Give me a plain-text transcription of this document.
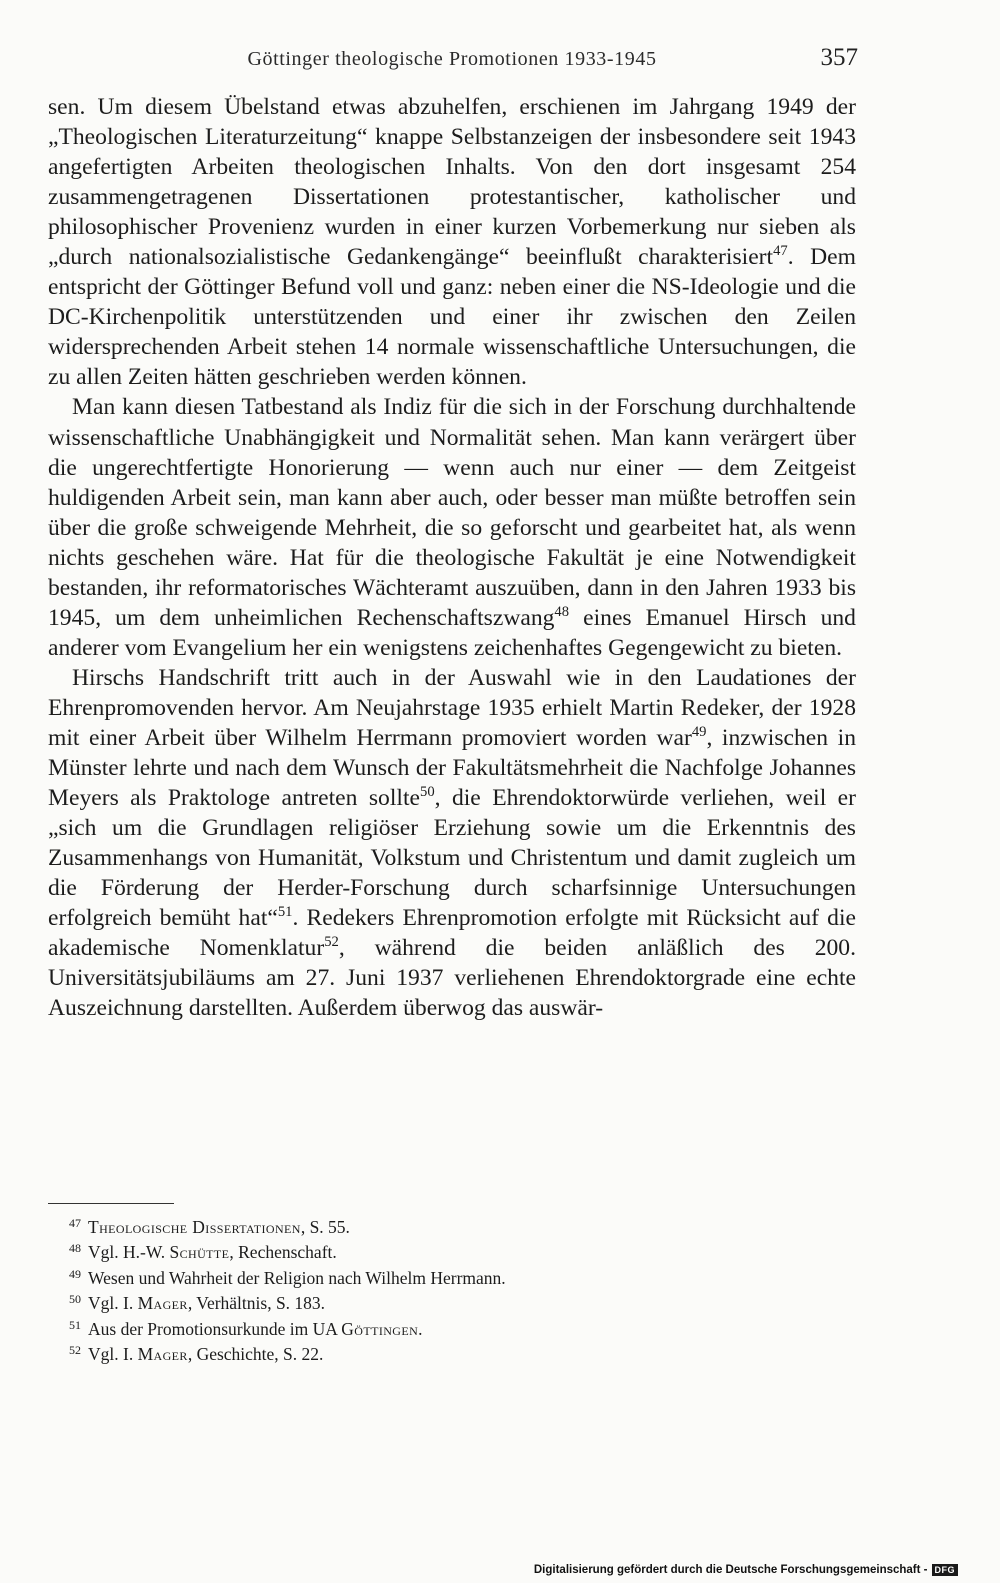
Göttinger theologische Promotionen 1933-1945	357

sen. Um diesem Übelstand etwas abzuhelfen, erschienen im Jahrgang 1949 der „Theologischen Literaturzeitung“ knappe Selbstanzeigen der insbesondere seit 1943 angefertigten Arbeiten theologischen Inhalts. Von den dort insgesamt 254 zusammengetragenen Dissertationen protestantischer, katholischer und philosophischer Provenienz wurden in einer kurzen Vorbemerkung nur sieben als „durch nationalsozialistische Gedankengänge“ beeinflußt charakterisiert$^{47}$. Dem entspricht der Göttinger Befund voll und ganz: neben einer die NS-Ideologie und die DC-Kirchenpolitik unterstützenden und einer ihr zwischen den Zeilen widersprechenden Arbeit stehen 14 normale wissenschaftliche Untersuchungen, die zu allen Zeiten hätten geschrieben werden können.

Man kann diesen Tatbestand als Indiz für die sich in der Forschung durchhaltende wissenschaftliche Unabhängigkeit und Normalität sehen. Man kann verärgert über die ungerechtfertigte Honorierung — wenn auch nur einer — dem Zeitgeist huldigenden Arbeit sein, man kann aber auch, oder besser man müßte betroffen sein über die große schweigende Mehrheit, die so geforscht und gearbeitet hat, als wenn nichts geschehen wäre. Hat für die theologische Fakultät je eine Notwendigkeit bestanden, ihr reformatorisches Wächteramt auszuüben, dann in den Jahren 1933 bis 1945, um dem unheimlichen Rechenschaftszwang$^{48}$ eines Emanuel Hirsch und anderer vom Evangelium her ein wenigstens zeichenhaftes Gegengewicht zu bieten.

Hirschs Handschrift tritt auch in der Auswahl wie in den Laudationes der Ehrenpromovenden hervor. Am Neujahrstage 1935 erhielt Martin Redeker, der 1928 mit einer Arbeit über Wilhelm Herrmann promoviert worden war$^{49}$, inzwischen in Münster lehrte und nach dem Wunsch der Fakultätsmehrheit die Nachfolge Johannes Meyers als Praktologe antreten sollte$^{50}$, die Ehrendoktorwürde verliehen, weil er „sich um die Grundlagen religiöser Erziehung sowie um die Erkenntnis des Zusammenhangs von Humanität, Volkstum und Christentum und damit zugleich um die Förderung der Herder-Forschung durch scharfsinnige Untersuchungen erfolgreich bemüht hat“$^{51}$. Redekers Ehrenpromotion erfolgte mit Rücksicht auf die akademische Nomenklatur$^{52}$, während die beiden anläßlich des 200. Universitätsjubiläums am 27. Juni 1937 verliehenen Ehrendoktorgrade eine echte Auszeichnung darstellten. Außerdem überwog das auswär-

47 Theologische Dissertationen, S. 55.
48 Vgl. H.-W. Schütte, Rechenschaft.
49 Wesen und Wahrheit der Religion nach Wilhelm Herrmann.
50 Vgl. I. Mager, Verhältnis, S. 183.
51 Aus der Promotionsurkunde im UA Göttingen.
52 Vgl. I. Mager, Geschichte, S. 22.
Digitalisierung gefördert durch die Deutsche Forschungsgemeinschaft - DFG
